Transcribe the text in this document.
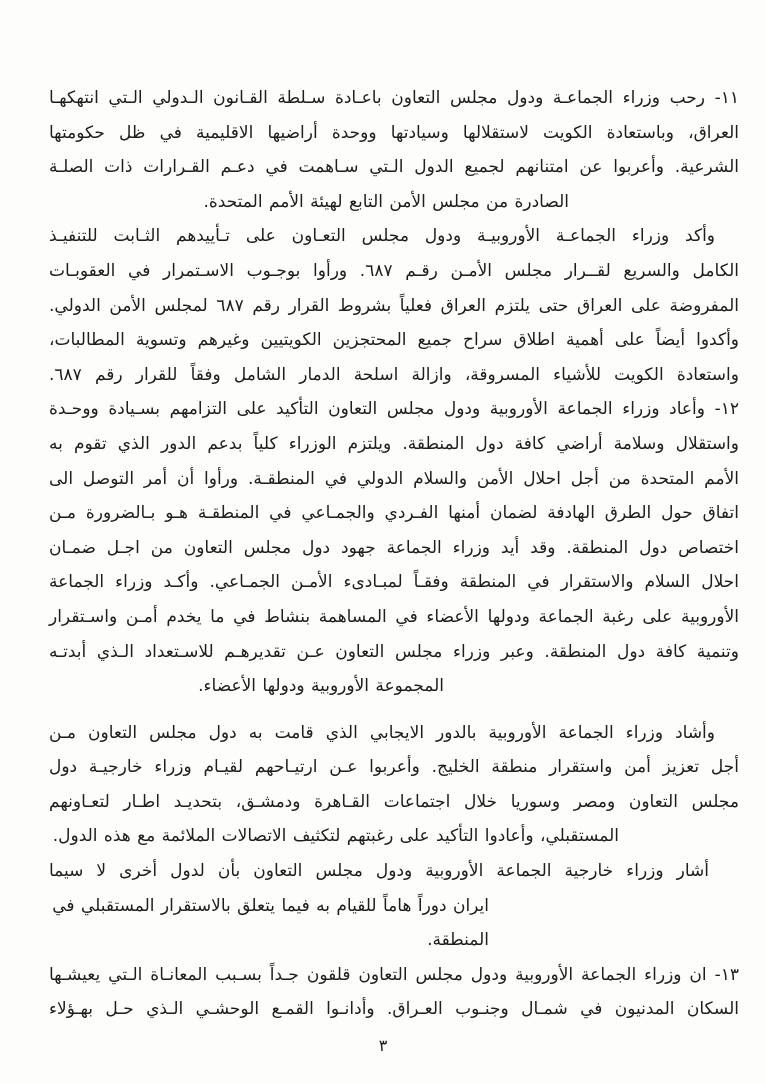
١١- رحب وزراء الجماعـة ودول مجلس التعاون باعـادة سـلطة القـانون الـدولي الـتي انتهكهـا
العراق، وباستعادة الكويت لاستقلالها وسيادتها ووحدة أراضيها الاقليمية في ظل حكومتها
الشرعية. وأعربوا عن امتنانهم لجميع الدول الـتي سـاهمت في دعـم القـرارات ذات الصلـة
الصادرة من مجلس الأمن التابع لهيئة الأمم المتحدة.
وأكد وزراء الجماعـة الأوروبيـة ودول مجلس التعـاون على تـأييدهم الثـابت للتنفيـذ
الكامل والسريع لقــرار مجلس الأمـن رقـم ٦٨٧. ورأوا بوجـوب الاسـتمرار في العقوبـات
المفروضة على العراق حتى يلتزم العراق فعلياً بشروط القرار رقم ٦٨٧ لمجلس الأمن الدولي.
وأكدوا أيضاً على أهمية اطلاق سراح جميع المحتجزين الكويتيين وغيرهم وتسوية المطالبات،
واستعادة الكويت للأشياء المسروقة، وازالة اسلحة الدمار الشامل وفقاً للقرار رقم ٦٨٧.
١٢- وأعاد وزراء الجماعة الأوروبية ودول مجلس التعاون التأكيد على التزامهم بسـيادة ووحـدة
واستقلال وسلامة أراضي كافة دول المنطقة. ويلتزم الوزراء كلياً بدعم الدور الذي تقوم به
الأمم المتحدة من أجل احلال الأمن والسلام الدولي في المنطقـة. ورأوا أن أمر التوصل الى
اتفاق حول الطرق الهادفة لضمان أمنها الفـردي والجمـاعي في المنطقـة هـو بـالضرورة مـن
اختصاص دول المنطقة. وقد أيد وزراء الجماعة جهود دول مجلس التعاون من اجـل ضمـان
احلال السلام والاستقرار في المنطقة وفقـاً لمبـادىء الأمـن الجمـاعي. وأكـد وزراء الجماعة
الأوروبية على رغبة الجماعة ودولها الأعضاء في المساهمة بنشاط في ما يخدم أمـن واسـتقرار
وتنمية كافة دول المنطقة. وعبر وزراء مجلس التعاون عـن تقديرهـم للاسـتعداد الـذي أبدتـه
المجموعة الأوروبية ودولها الأعضاء.
وأشاد وزراء الجماعة الأوروبية بالدور الايجابي الذي قامت به دول مجلس التعاون مـن
أجل تعزيز أمن واستقرار منطقة الخليج. وأعربوا عـن ارتيـاحهم لقيـام وزراء خارجيـة دول
مجلس التعاون ومصر وسوريا خلال اجتماعات القـاهرة ودمشـق، بتحديـد اطـار لتعـاونهم
المستقبلي، وأعادوا التأكيد على رغبتهم لتكثيف الاتصالات الملائمة مع هذه الدول.
أشار وزراء خارجية الجماعة الأوروبية ودول مجلس التعاون بأن لدول أخرى لا سيما
ايران دوراً هاماً للقيام به فيما يتعلق بالاستقرار المستقبلي في المنطقة.
١٣- ان وزراء الجماعة الأوروبية ودول مجلس التعاون قلقون جـداً بسـبب المعانـاة الـتي يعيشـها
السكان المدنيون في شمـال وجنـوب العـراق. وأدانـوا القمـع الوحشـي الـذي حـل بهـؤلاء
٣
